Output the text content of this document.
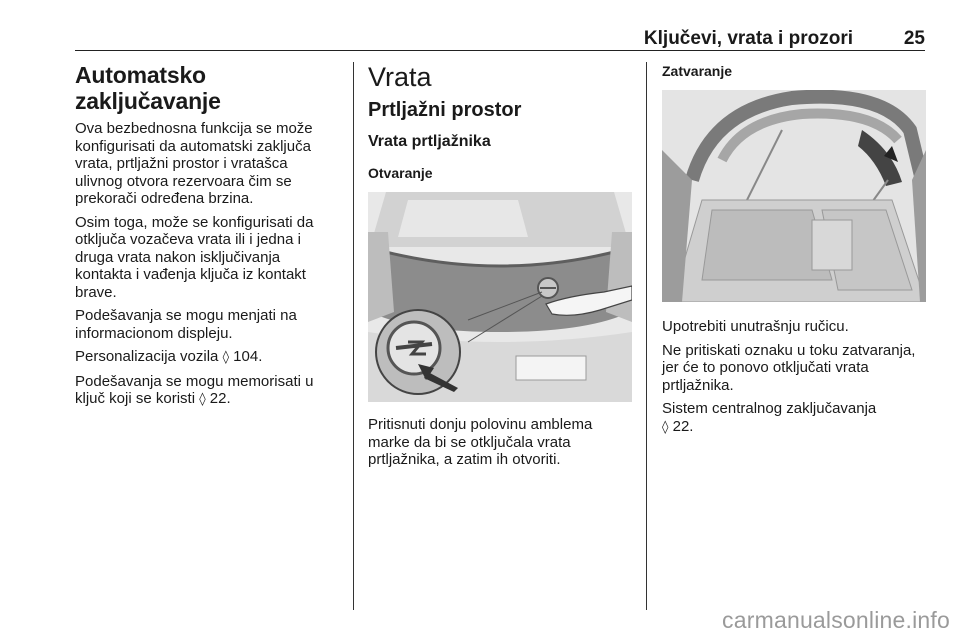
Ključevi, vrata i prozori	25
Automatsko zaključavanje

Ova bezbednosna funkcija se može konfigurisati da automatski zaključa vrata, prtljažni prostor i vratašca ulivnog otvora rezervoara čim se prekorači određena brzina.

Osim toga, može se konfigurisati da otključa vozačeva vrata ili i jedna i druga vrata nakon isključivanja kontakta i vađenja ključa iz kontakt brave.

Podešavanja se mogu menjati na informacionom displeju.

Personalizacija vozila ◊ 104.

Podešavanja se mogu memorisati u ključ koji se koristi ◊ 22.

Vrata
Prtljažni prostor
Vrata prtljažnika
Otvaranje

Pritisnuti donju polovinu amblema marke da bi se otključala vrata prtljažnika, a zatim ih otvoriti.

Zatvaranje

Upotrebiti unutrašnju ručicu.

Ne pritiskati oznaku u toku zatvaranja, jer će to ponovo otključati vrata prtljažnika.

Sistem centralnog zaključavanja
◊ 22.

carmanualsonline.info
